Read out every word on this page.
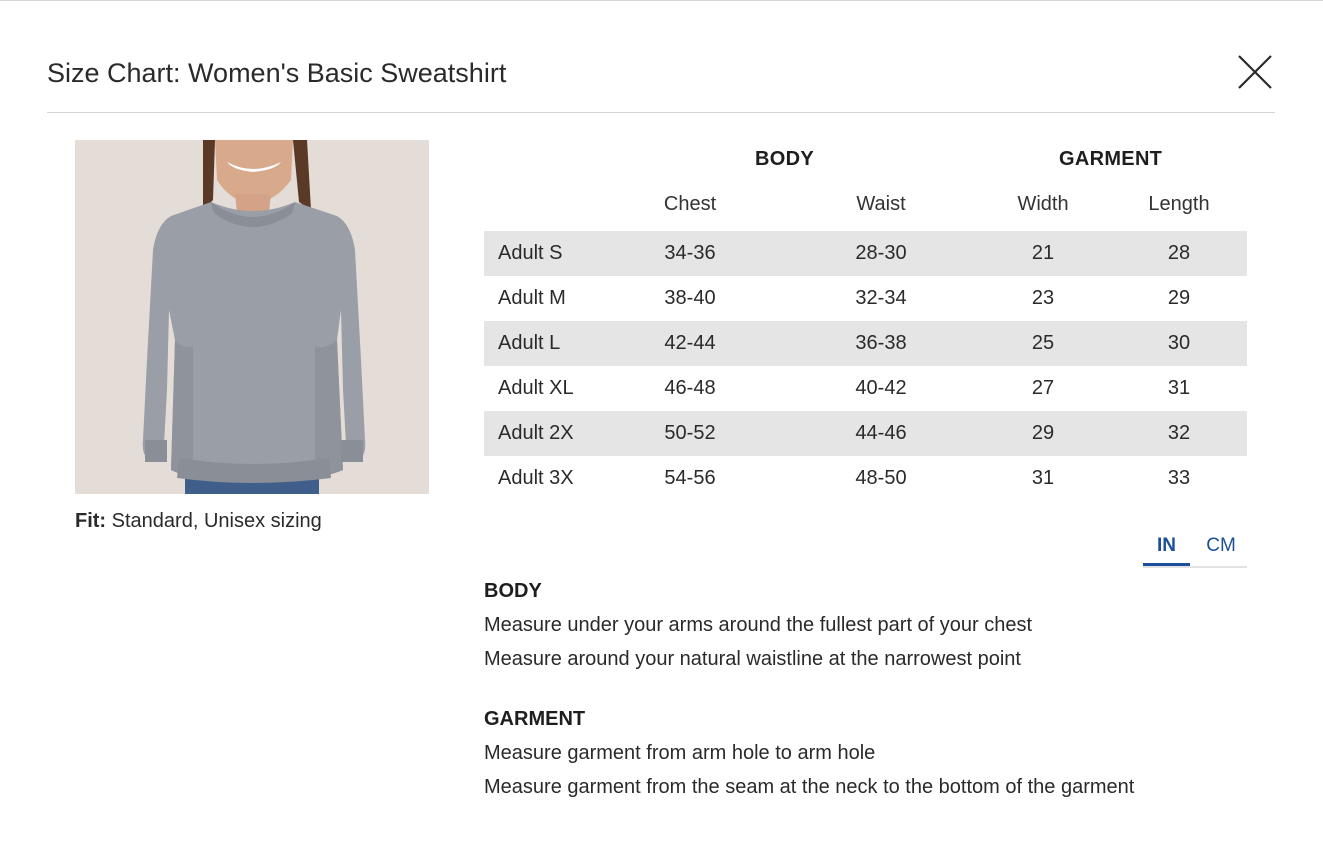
Size Chart: Women's Basic Sweatshirt
Fit: Standard, Unisex sizing
BODY	GARMENT
Chest	Waist	Width	Length
Adult S	34-36	28-30	21	28
Adult M	38-40	32-34	23	29
Adult L	42-44	36-38	25	30
Adult XL	46-48	40-42	27	31
Adult 2X	50-52	44-46	29	32
Adult 3X	54-56	48-50	31	33
IN	CM
BODY
Measure under your arms around the fullest part of your chest
Measure around your natural waistline at the narrowest point
GARMENT
Measure garment from arm hole to arm hole
Measure garment from the seam at the neck to the bottom of the garment
